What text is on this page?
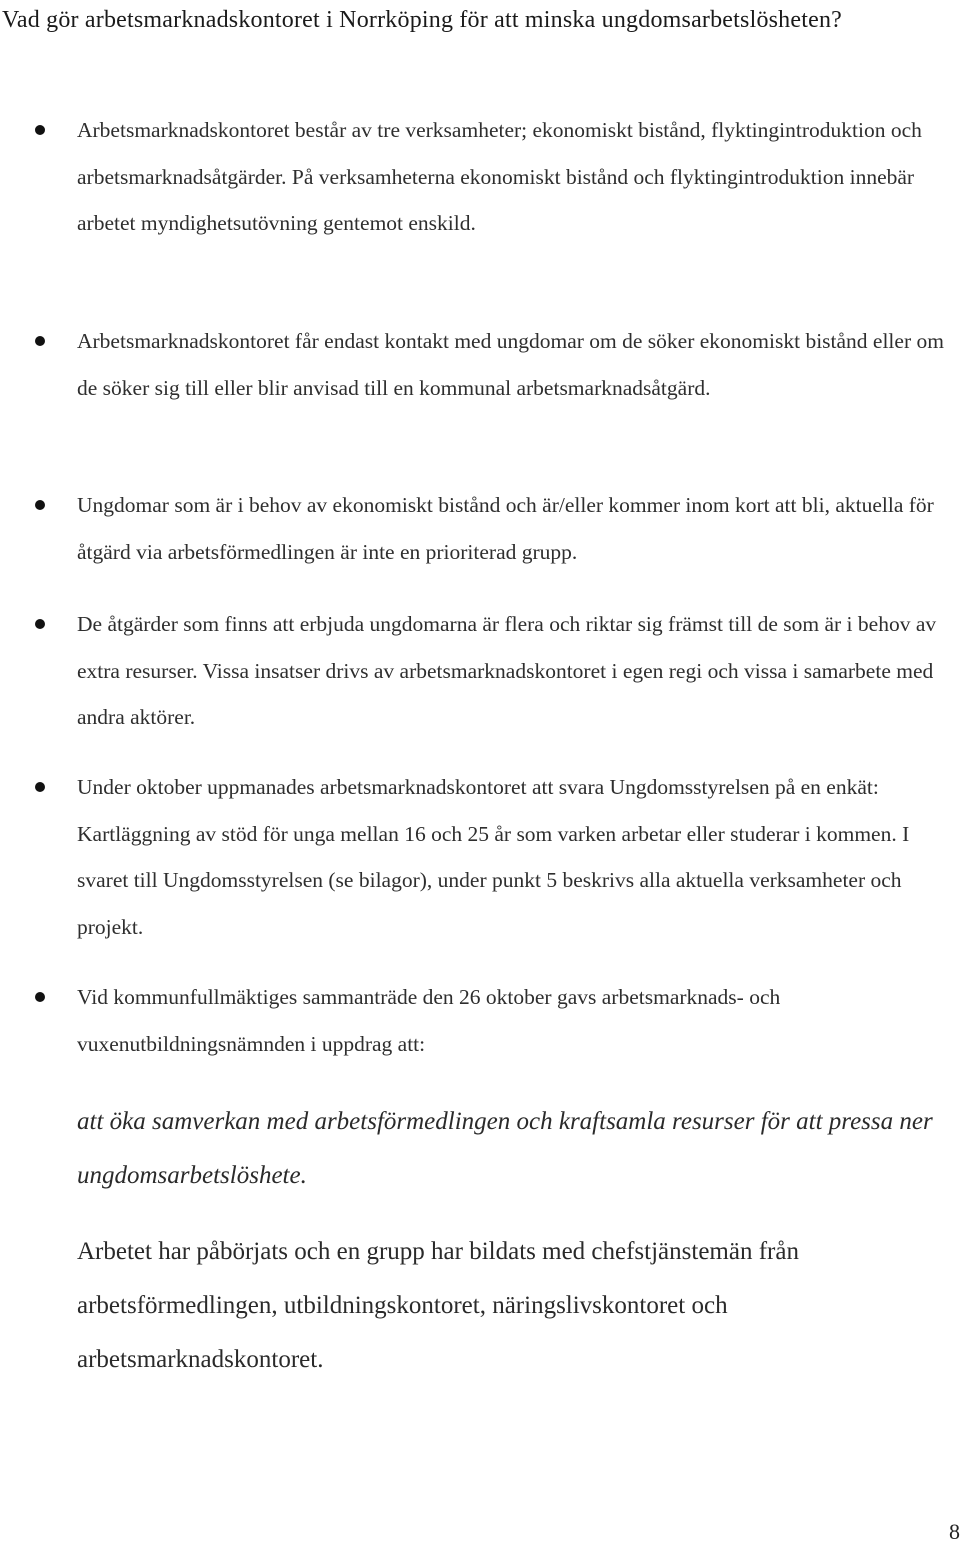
Vad gör arbetsmarknadskontoret i Norrköping för att minska ungdomsarbetslösheten?
Arbetsmarknadskontoret består av tre verksamheter; ekonomiskt bistånd, flyktingintroduktion och arbetsmarknadsåtgärder. På verksamheterna ekonomiskt bistånd och flyktingintroduktion innebär arbetet myndighetsutövning gentemot enskild.
Arbetsmarknadskontoret får endast kontakt med ungdomar om de söker ekonomiskt bistånd eller om de söker sig till eller blir anvisad till en kommunal arbetsmarknadsåtgärd.
Ungdomar som är i behov av ekonomiskt bistånd och är/eller kommer inom kort att bli, aktuella för åtgärd via arbetsförmedlingen är inte en prioriterad grupp.
De åtgärder som finns att erbjuda ungdomarna är flera och riktar sig främst till de som är i behov av extra resurser. Vissa insatser drivs av arbetsmarknadskontoret i egen regi och vissa i samarbete med andra aktörer.
Under oktober uppmanades arbetsmarknadskontoret att svara Ungdomsstyrelsen på en enkät: Kartläggning av stöd för unga mellan 16 och 25 år som varken arbetar eller studerar i kommen. I svaret till Ungdomsstyrelsen (se bilagor), under punkt 5 beskrivs alla aktuella verksamheter och projekt.
Vid kommunfullmäktiges sammanträde den 26 oktober gavs arbetsmarknads- och vuxenutbildningsnämnden i uppdrag att:

att öka samverkan med arbetsförmedlingen och kraftsamla resurser för att pressa ner ungdomsarbetslöshete.

Arbetet har påbörjats och en grupp har bildats med chefstjänstemän från arbetsförmedlingen, utbildningskontoret, näringslivskontoret och arbetsmarknadskontoret.

8
